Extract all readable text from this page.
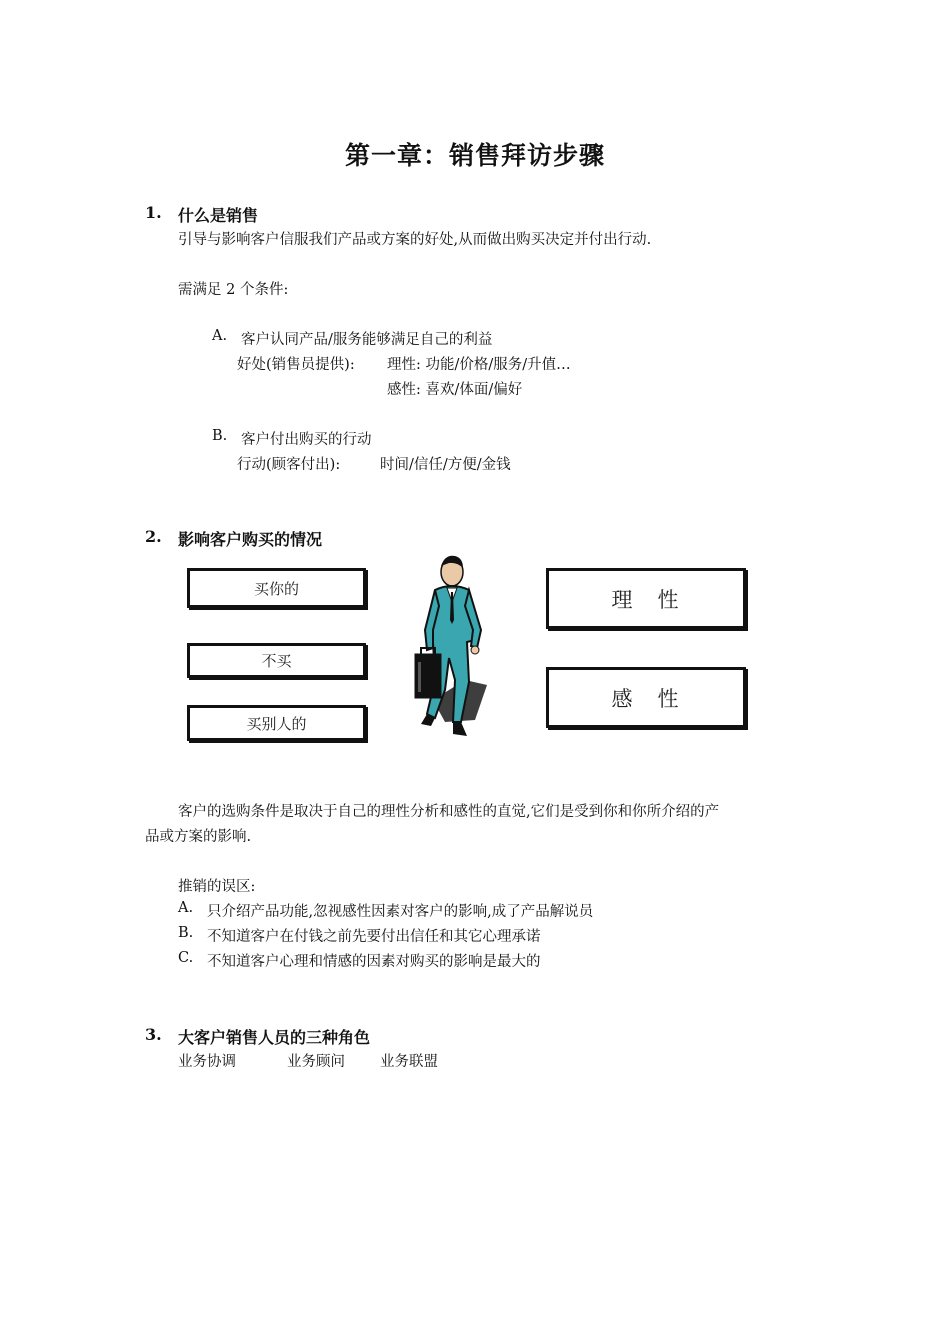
第一章：销售拜访步骤
1. 什么是销售
引导与影响客户信服我们产品或方案的好处,从而做出购买决定并付出行动.
需满足 2 个条件:
A. 客户认同产品/服务能够满足自己的利益
好处(销售员提供): 理性: 功能/价格/服务/升值…
感性: 喜欢/体面/偏好
B. 客户付出购买的行动
行动(顾客付出):	时间/信任/方便/金钱
2. 影响客户购买的情况
买你的
不买
买别人的
理　性
感　性
客户的选购条件是取决于自己的理性分析和感性的直觉,它们是受到你和你所介绍的产
品或方案的影响.
推销的误区:
A. 只介绍产品功能,忽视感性因素对客户的影响,成了产品解说员
B. 不知道客户在付钱之前先要付出信任和其它心理承诺
C. 不知道客户心理和情感的因素对购买的影响是最大的
3. 大客户销售人员的三种角色
业务协调	业务顾问 业务联盟
